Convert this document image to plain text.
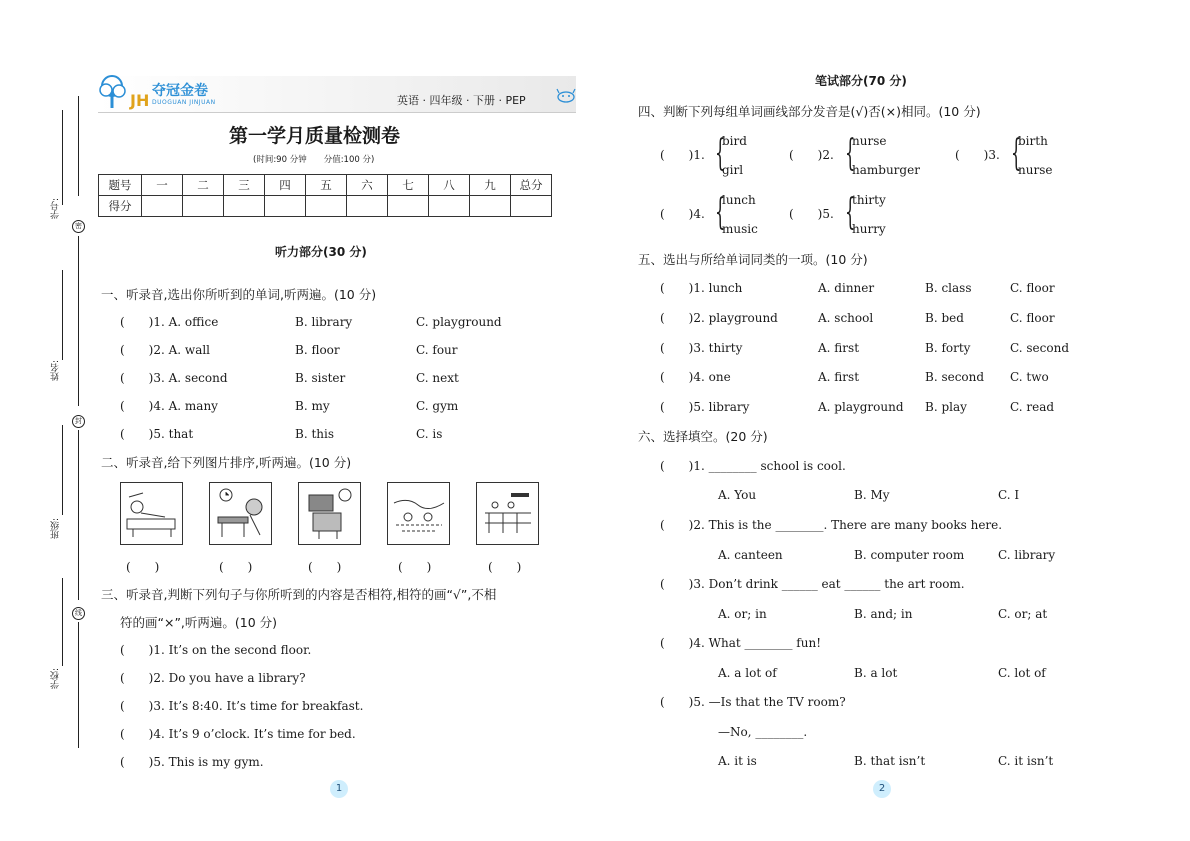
密
封
线
学号:
姓名:
班级:
学校:
JH 夺冠金卷
DUOGUAN JINJUAN	英语 · 四年级 · 下册 · PEP
第一学月质量检测卷
(时间:90 分钟　　分值:100 分)
题号	一	二	三	四	五	六	七	八	九	总分
得分										
听力部分(30 分)
一、听录音,选出你所听到的单词,听两遍。(10 分)
(　　)1. A. office	B. library	C. playground
(　　)2. A. wall	B. floor	C. four
(　　)3. A. second	B. sister	C. next
(　　)4. A. many	B. my	C. gym
(　　)5. that	B. this	C. is
二、听录音,给下列图片排序,听两遍。(10 分)
(　　)	(　　)	(　　)	(　　)	(　　)
三、听录音,判断下列句子与你所听到的内容是否相符,相符的画“√”,不相
符的画“×”,听两遍。(10 分)
(　　)1. It’s on the second floor.
(　　)2. Do you have a library?
(　　)3. It’s 8:40. It’s time for breakfast.
(　　)4. It’s 9 o’clock. It’s time for bed.
(　　)5. This is my gym.
1
笔试部分(70 分)
四、判断下列每组单词画线部分发音是(√)否(×)相同。(10 分)
(　　)1. {
bird
girl
(　　)2. {
nurse
hamburger
(　　)3. {
birth
nurse
(　　)4. {
lunch
music
(　　)5. {
thirty
hurry
五、选出与所给单词同类的一项。(10 分)
(　　)1. lunch	A. dinner	B. class	C. floor
(　　)2. playground	A. school	B. bed	C. floor
(　　)3. thirty	A. first	B. forty	C. second
(　　)4. one	A. first	B. second C. two
(　　)5. library	A. playground B. play	C. read
六、选择填空。(20 分)
(　　)1. ________ school is cool.
A. You	B. My	C. I
(　　)2. This is the ________. There are many books here.
A. canteen	B. computer room	C. library
(　　)3. Don’t drink ______ eat ______ the art room.
A. or; in	B. and; in	C. or; at
(　　)4. What ________ fun!
A. a lot of	B. a lot	C. lot of
(　　)5. —Is that the TV room?
—No, ________.
A. it is	B. that isn’t	C. it isn’t
2
